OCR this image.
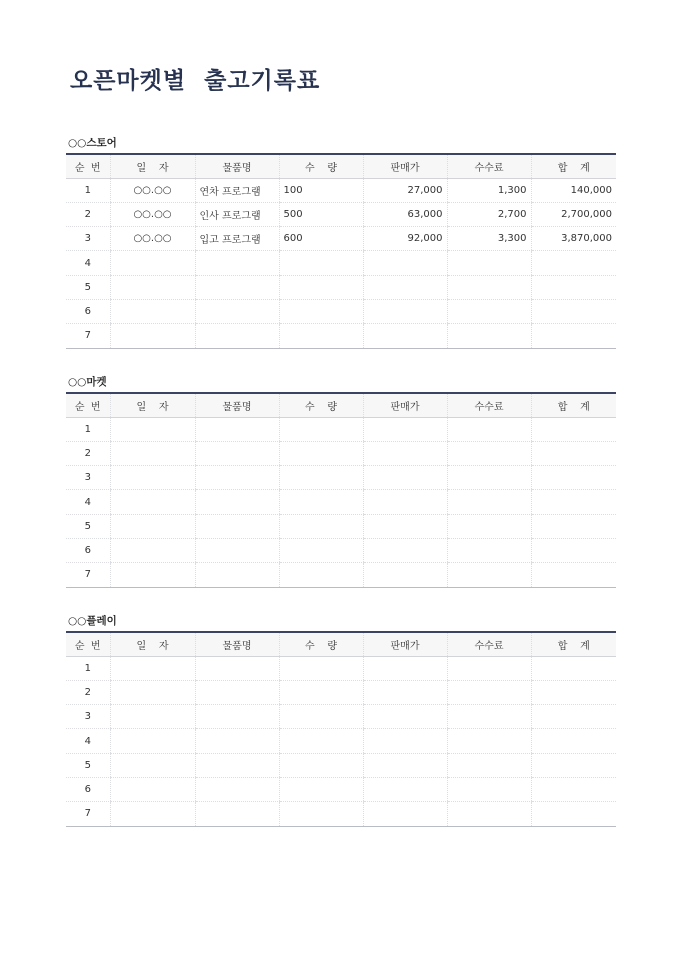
오픈마켓별  출고기록표
○○스토어
순  번	일    자	물품명	수    량	판매가	수수료	합    계
1	○○.○○	연차 프로그램	100	27,000	1,300	140,000
2	○○.○○	인사 프로그램	500	63,000	2,700	2,700,000
3	○○.○○	입고 프로그램	600	92,000	3,300	3,870,000
4						
5						
6						
7						
○○마켓
순  번	일    자	물품명	수    량	판매가	수수료	합    계
1						
2						
3						
4						
5						
6						
7						
○○플레이
순  번	일    자	물품명	수    량	판매가	수수료	합    계
1						
2						
3						
4						
5						
6						
7						
